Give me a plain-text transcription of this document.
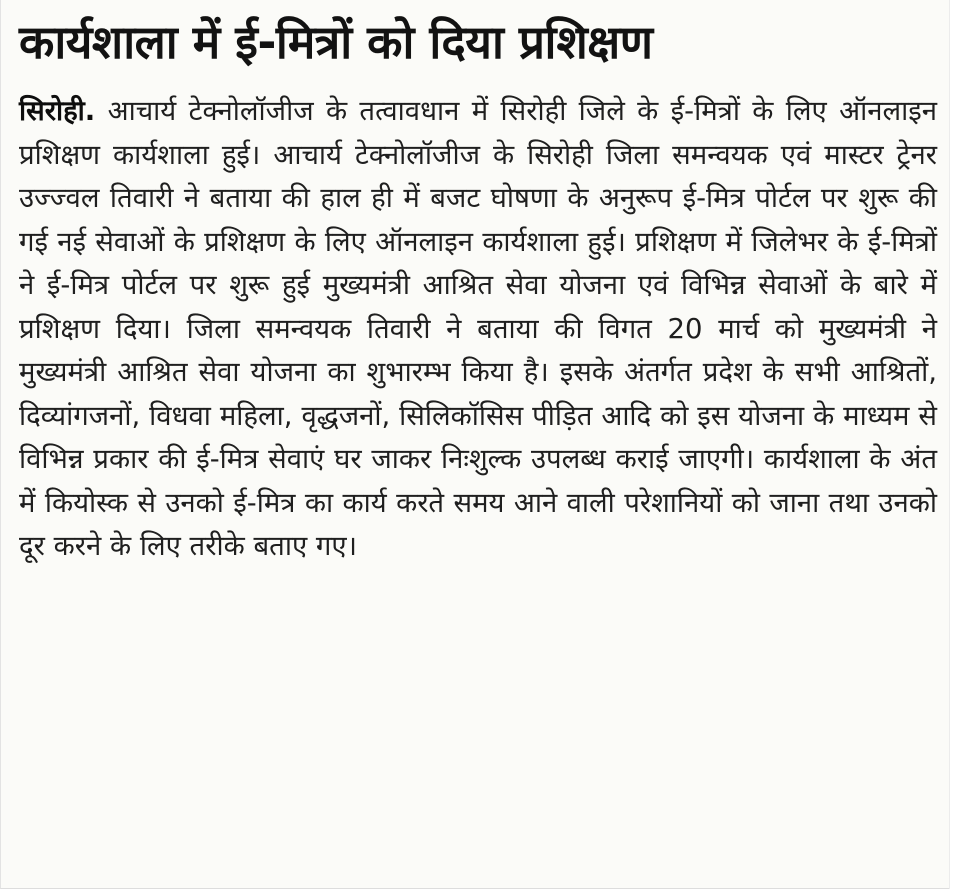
कार्यशाला में ई-मित्रों को दिया प्रशिक्षण
सिरोही. आचार्य टेक्नोलॉजीज के तत्वावधान में सिरोही जिले के ई-मित्रों के लिए ऑनलाइन प्रशिक्षण कार्यशाला हुई। आचार्य टेक्नोलॉजीज के सिरोही जिला समन्वयक एवं मास्टर ट्रेनर उज्ज्वल तिवारी ने बताया की हाल ही में बजट घोषणा के अनुरूप ई-मित्र पोर्टल पर शुरू की गई नई सेवाओं के प्रशिक्षण के लिए ऑनलाइन कार्यशाला हुई। प्रशिक्षण में जिलेभर के ई-मित्रों ने ई-मित्र पोर्टल पर शुरू हुई मुख्यमंत्री आश्रित सेवा योजना एवं विभिन्न सेवाओं के बारे में प्रशिक्षण दिया। जिला समन्वयक तिवारी ने बताया की विगत 20 मार्च को मुख्यमंत्री ने मुख्यमंत्री आश्रित सेवा योजना का शुभारम्भ किया है। इसके अंतर्गत प्रदेश के सभी आश्रितों, दिव्यांगजनों, विधवा महिला, वृद्धजनों, सिलिकॉसिस पीड़ित आदि को इस योजना के माध्यम से विभिन्न प्रकार की ई-मित्र सेवाएं घर जाकर निःशुल्क उपलब्ध कराई जाएगी। कार्यशाला के अंत में कियोस्क से उनको ई-मित्र का कार्य करते समय आने वाली परेशानियों को जाना तथा उनको दूर करने के लिए तरीके बताए गए।
